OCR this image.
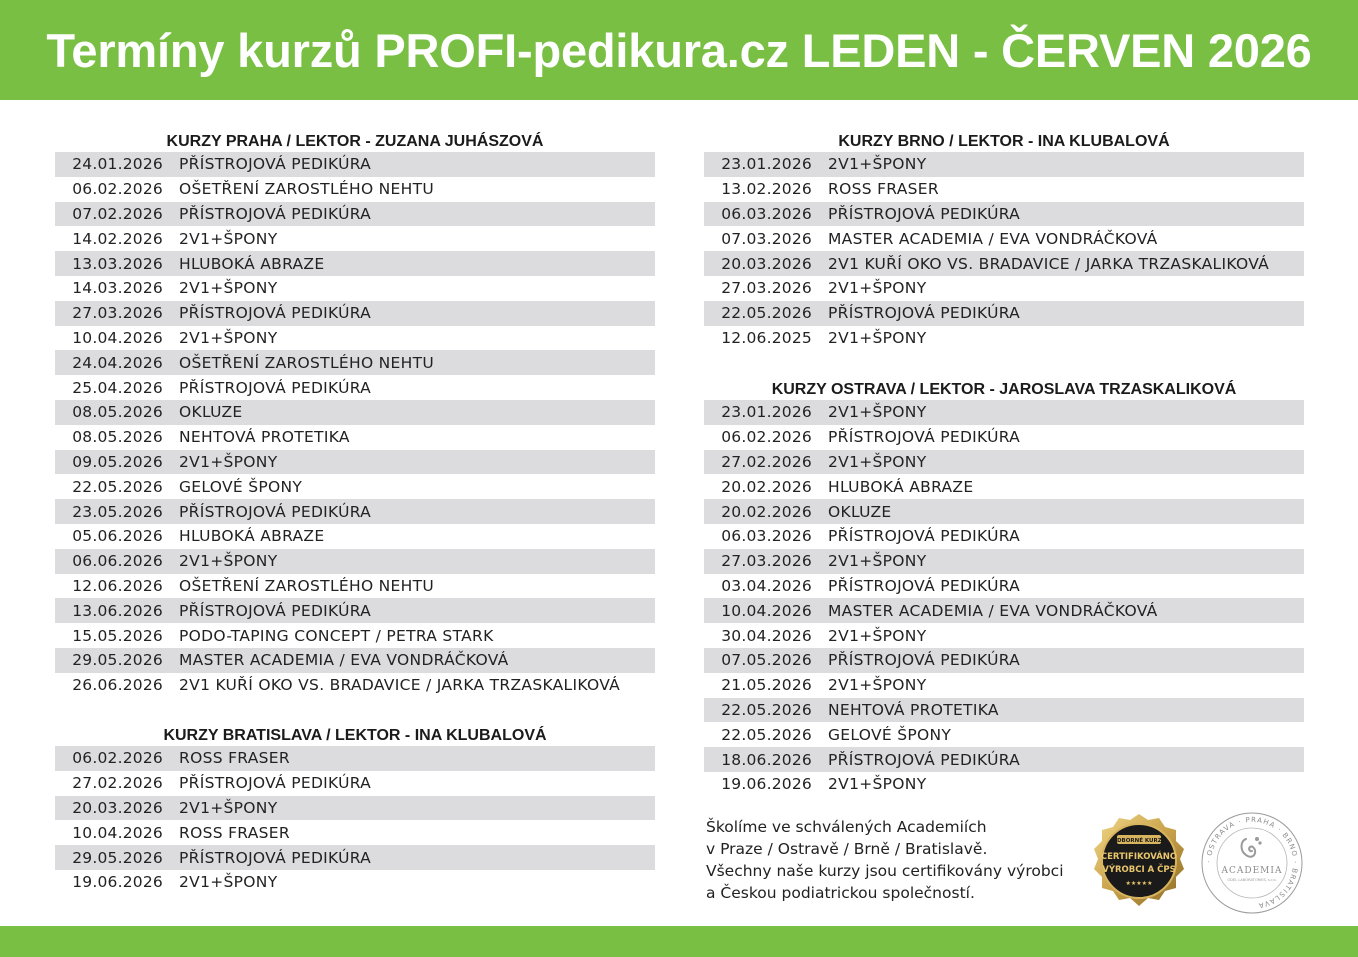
Termíny kurzů PROFI-pedikura.cz LEDEN - ČERVEN 2026
KURZY PRAHA / LEKTOR - ZUZANA JUHÁSZOVÁ
24.01.2026	PŘÍSTROJOVÁ PEDIKÚRA
06.02.2026	OŠETŘENÍ ZAROSTLÉHO NEHTU
07.02.2026	PŘÍSTROJOVÁ PEDIKÚRA
14.02.2026	2V1+ŠPONY
13.03.2026	HLUBOKÁ ABRAZE
14.03.2026	2V1+ŠPONY
27.03.2026	PŘÍSTROJOVÁ PEDIKÚRA
10.04.2026	2V1+ŠPONY
24.04.2026	OŠETŘENÍ ZAROSTLÉHO NEHTU
25.04.2026	PŘÍSTROJOVÁ PEDIKÚRA
08.05.2026	OKLUZE
08.05.2026	NEHTOVÁ PROTETIKA
09.05.2026	2V1+ŠPONY
22.05.2026	GELOVÉ ŠPONY
23.05.2026	PŘÍSTROJOVÁ PEDIKÚRA
05.06.2026	HLUBOKÁ ABRAZE
06.06.2026	2V1+ŠPONY
12.06.2026	OŠETŘENÍ ZAROSTLÉHO NEHTU
13.06.2026	PŘÍSTROJOVÁ PEDIKÚRA
15.05.2026	PODO-TAPING CONCEPT / PETRA STARK
29.05.2026	MASTER ACADEMIA / EVA VONDRÁČKOVÁ
26.06.2026	2V1 KUŘÍ OKO VS. BRADAVICE / JARKA TRZASKALIKOVÁ
KURZY BRATISLAVA / LEKTOR - INA KLUBALOVÁ
06.02.2026	ROSS FRASER
27.02.2026	PŘÍSTROJOVÁ PEDIKÚRA
20.03.2026	2V1+ŠPONY
10.04.2026	ROSS FRASER
29.05.2026	PŘÍSTROJOVÁ PEDIKÚRA
19.06.2026	2V1+ŠPONY
KURZY BRNO / LEKTOR - INA KLUBALOVÁ
23.01.2026	2V1+ŠPONY
13.02.2026	ROSS FRASER
06.03.2026	PŘÍSTROJOVÁ PEDIKÚRA
07.03.2026	MASTER ACADEMIA / EVA VONDRÁČKOVÁ
20.03.2026	2V1 KUŘÍ OKO VS. BRADAVICE / JARKA TRZASKALIKOVÁ
27.03.2026	2V1+ŠPONY
22.05.2026	PŘÍSTROJOVÁ PEDIKÚRA
12.06.2025	2V1+ŠPONY
KURZY OSTRAVA / LEKTOR - JAROSLAVA TRZASKALIKOVÁ
23.01.2026	2V1+ŠPONY
06.02.2026	PŘÍSTROJOVÁ PEDIKÚRA
27.02.2026	2V1+ŠPONY
20.02.2026	HLUBOKÁ ABRAZE
20.02.2026	OKLUZE
06.03.2026	PŘÍSTROJOVÁ PEDIKÚRA
27.03.2026	2V1+ŠPONY
03.04.2026	PŘÍSTROJOVÁ PEDIKÚRA
10.04.2026	MASTER ACADEMIA / EVA VONDRÁČKOVÁ
30.04.2026	2V1+ŠPONY
07.05.2026	PŘÍSTROJOVÁ PEDIKÚRA
21.05.2026	2V1+ŠPONY
22.05.2026	NEHTOVÁ PROTETIKA
22.05.2026	GELOVÉ ŠPONY
18.06.2026	PŘÍSTROJOVÁ PEDIKÚRA
19.06.2026	2V1+ŠPONY
Školíme ve schválených Academiích
v Praze / Ostravě / Brně / Bratislavě.
Všechny naše kurzy jsou certifikovány výrobci
a Českou podiatrickou společností.
ODBORNÉ KURZY
CERTIFIKOVÁNO
VÝROBCI A ČPS
★★★★★
· OSTRAVA · PRAHA · BRNO · BRATISLAVA
ACADEMIA
ODEL LABORATORIES, s.r.o.
